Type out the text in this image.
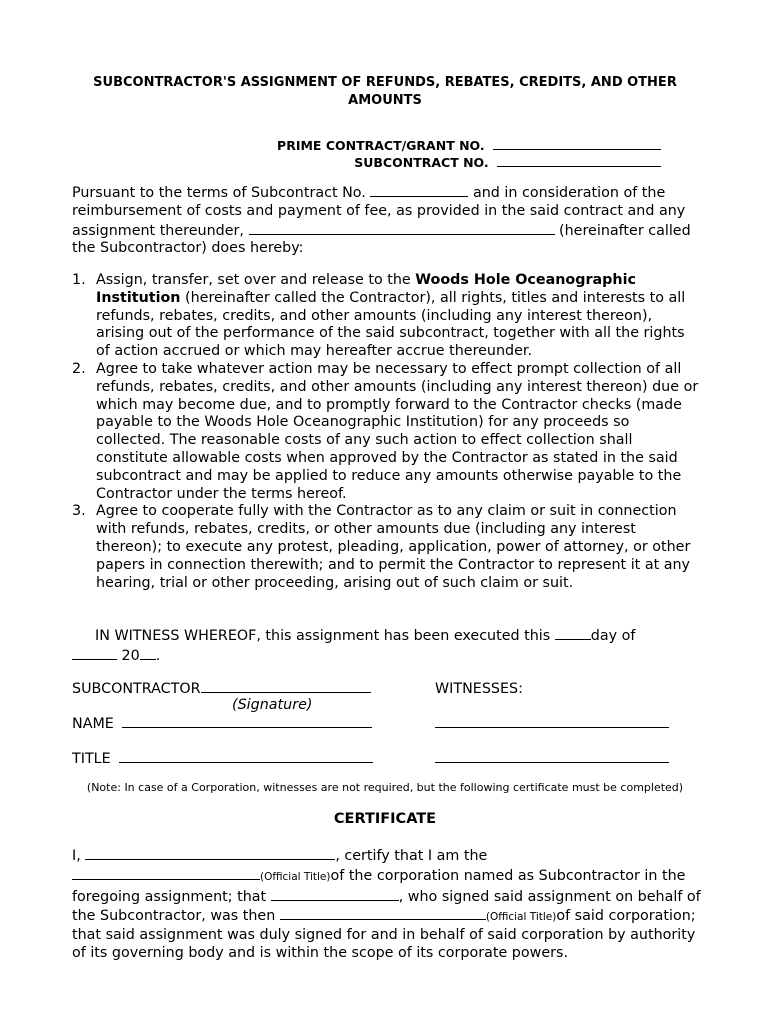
SUBCONTRACTOR'S ASSIGNMENT OF REFUNDS, REBATES, CREDITS, AND OTHER AMOUNTS
PRIME CONTRACT/GRANT NO.
SUBCONTRACT NO.
Pursuant to the terms of Subcontract No.	and in consideration of the reimbursement of costs and payment of fee, as provided in the said contract and any assignment thereunder,	(hereinafter called the Subcontractor) does hereby:
1. Assign, transfer, set over and release to the Woods Hole Oceanographic Institution (hereinafter called the Contractor), all rights, titles and interests to all refunds, rebates, credits, and other amounts (including any interest thereon), arising out of the performance of the said subcontract, together with all the rights of action accrued or which may hereafter accrue thereunder.
2. Agree to take whatever action may be necessary to effect prompt collection of all refunds, rebates, credits, and other amounts (including any interest thereon) due or which may become due, and to promptly forward to the Contractor checks (made payable to the Woods Hole Oceanographic Institution) for any proceeds so collected. The reasonable costs of any such action to effect collection shall constitute allowable costs when approved by the Contractor as stated in the said subcontract and may be applied to reduce any amounts otherwise payable to the Contractor under the terms hereof.
3. Agree to cooperate fully with the Contractor as to any claim or suit in connection with refunds, rebates, credits, or other amounts due (including any interest thereon); to execute any protest, pleading, application, power of attorney, or other papers in connection therewith; and to permit the Contractor to represent it at any hearing, trial or other proceeding, arising out of such claim or suit.
IN WITNESS WHEREOF, this assignment has been executed this	day of
20 .
SUBCONTRACTOR	WITNESSES:
(Signature)
NAME
TITLE
(Note: In case of a Corporation, witnesses are not required, but the following certificate must be completed)
CERTIFICATE
I,	, certify that I am the
(Official Title)of the corporation named as Subcontractor in the foregoing assignment; that	, who signed said assignment on behalf of the Subcontractor, was then	(Official Title)of said corporation; that said assignment was duly signed for and in behalf of said corporation by authority of its governing body and is within the scope of its corporate powers.
